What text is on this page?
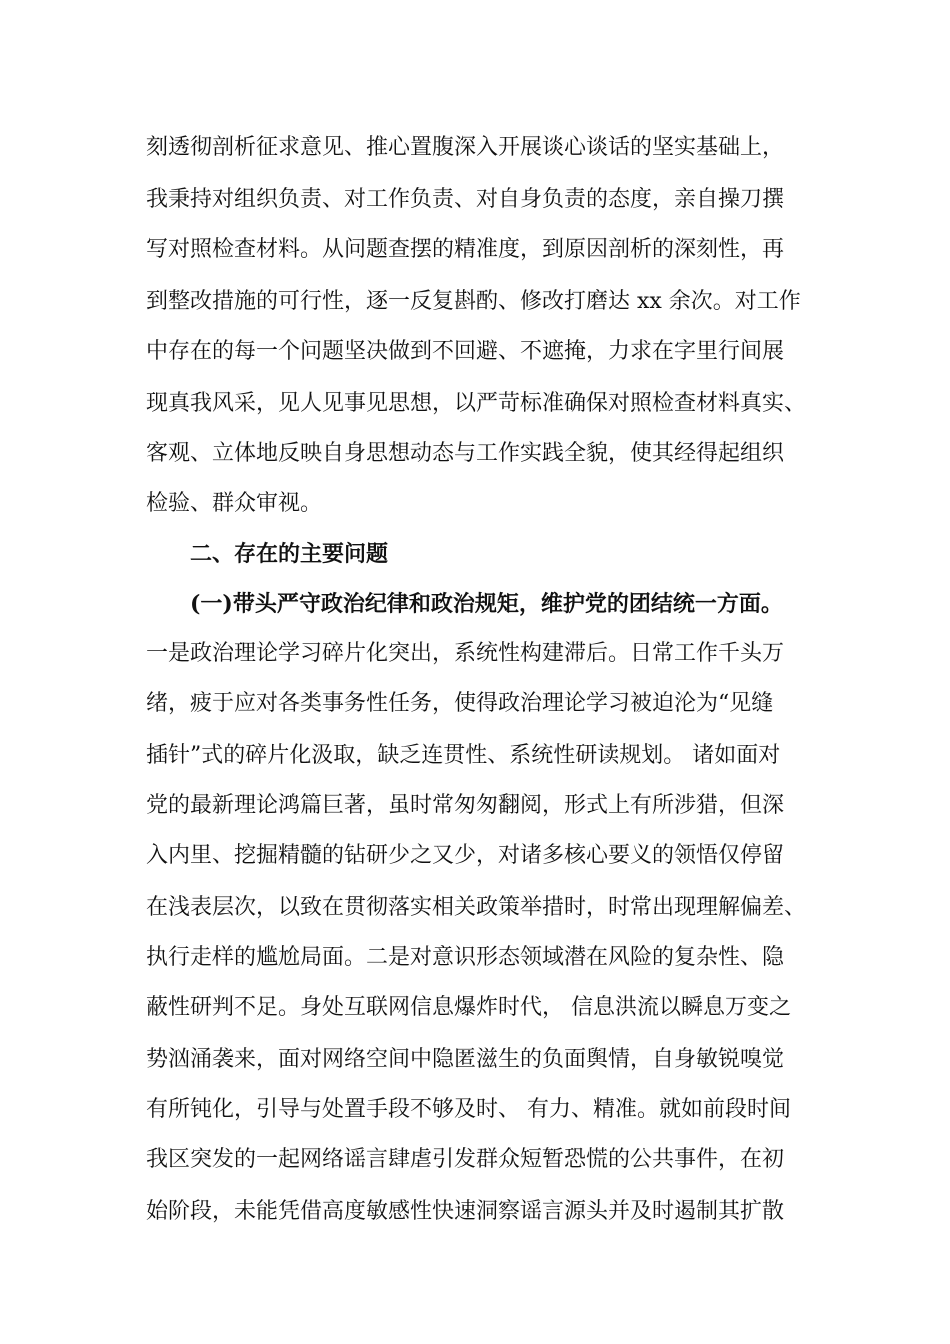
刻透彻剖析征求意见、推心置腹深入开展谈心谈话的坚实基础上，
我秉持对组织负责、对工作负责、对自身负责的态度，亲自操刀撰
写对照检查材料。从问题查摆的精准度，到原因剖析的深刻性，再
到整改措施的可行性，逐一反复斟酌、修改打磨达 xx 余次。对工作
中存在的每一个问题坚决做到不回避、不遮掩，力求在字里行间展
现真我风采，见人见事见思想，以严苛标准确保对照检查材料真实、
客观、立体地反映自身思想动态与工作实践全貌，使其经得起组织
检验、群众审视。
二、存在的主要问题
(一)带头严守政治纪律和政治规矩，维护党的团结统一方面。
一是政治理论学习碎片化突出，系统性构建滞后。日常工作千头万
绪，疲于应对各类事务性任务，使得政治理论学习被迫沦为“见缝
插针”式的碎片化汲取，缺乏连贯性、系统性研读规划。 诸如面对
党的最新理论鸿篇巨著，虽时常匆匆翻阅，形式上有所涉猎，但深
入内里、挖掘精髓的钻研少之又少，对诸多核心要义的领悟仅停留
在浅表层次，以致在贯彻落实相关政策举措时，时常出现理解偏差、
执行走样的尴尬局面。二是对意识形态领域潜在风险的复杂性、隐
蔽性研判不足。身处互联网信息爆炸时代， 信息洪流以瞬息万变之
势汹涌袭来，面对网络空间中隐匿滋生的负面舆情，自身敏锐嗅觉
有所钝化，引导与处置手段不够及时、 有力、精准。就如前段时间
我区突发的一起网络谣言肆虐引发群众短暂恐慌的公共事件，在初
始阶段，未能凭借高度敏感性快速洞察谣言源头并及时遏制其扩散
